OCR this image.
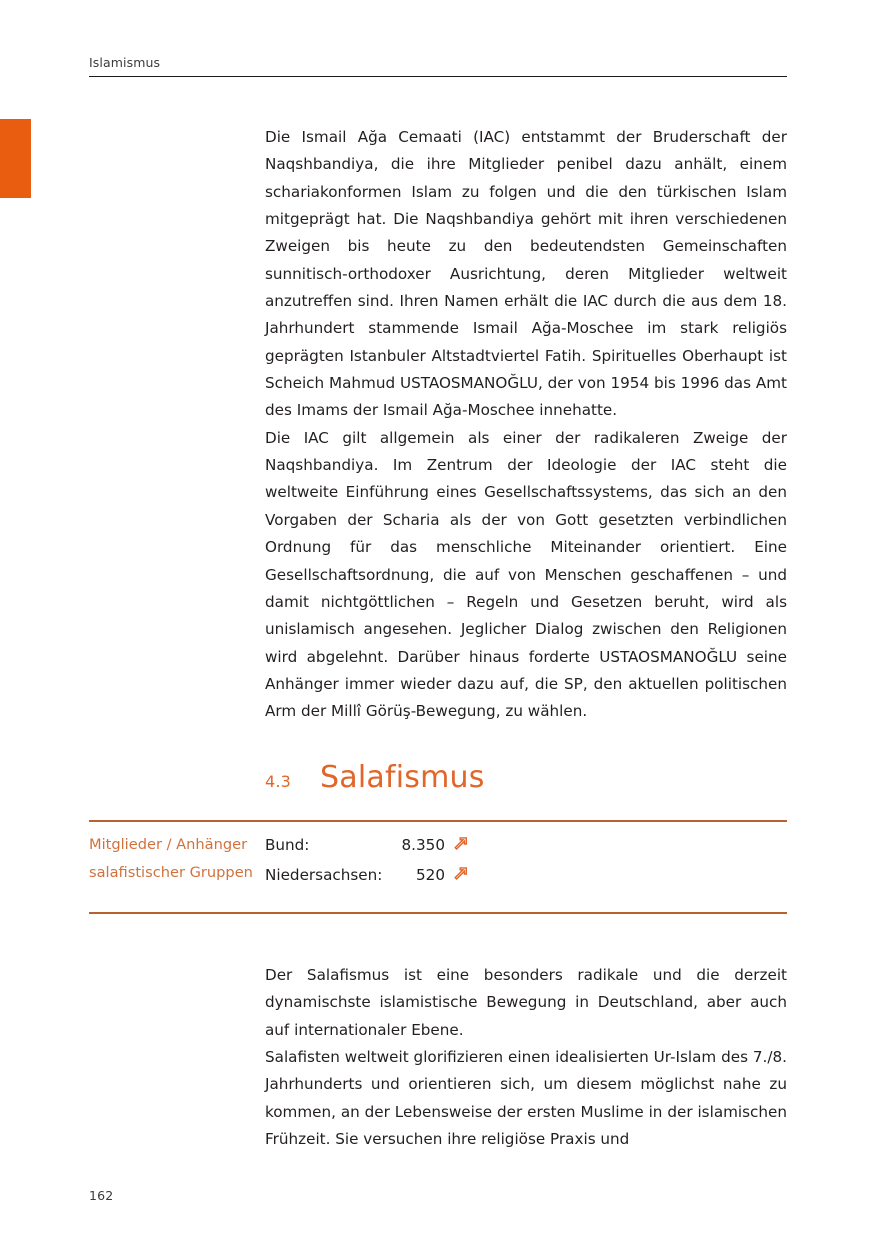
Islamismus

Die Ismail Ağa Cemaati (IAC) entstammt der Bruderschaft der Naqshbandiya, die ihre Mitglieder penibel dazu anhält, einem schariakonformen Islam zu folgen und die den türkischen Islam mitgeprägt hat. Die Naqshbandiya gehört mit ihren verschiedenen Zweigen bis heute zu den bedeutendsten Gemeinschaften sunnitisch-orthodoxer Ausrichtung, deren Mitglieder weltweit anzutreffen sind. Ihren Namen erhält die IAC durch die aus dem 18. Jahrhundert stammende Ismail Ağa-Moschee im stark religiös geprägten Istanbuler Altstadtviertel Fatih. Spirituelles Oberhaupt ist Scheich Mahmud USTAOSMANOĞLU, der von 1954 bis 1996 das Amt des Imams der Ismail Ağa-Moschee innehatte.

Die IAC gilt allgemein als einer der radikaleren Zweige der Naqshbandiya. Im Zentrum der Ideologie der IAC steht die weltweite Einführung eines Gesellschaftssystems, das sich an den Vorgaben der Scharia als der von Gott gesetzten verbindlichen Ordnung für das menschliche Miteinander orientiert. Eine Gesellschaftsordnung, die auf von Menschen geschaffenen – und damit nichtgöttlichen – Regeln und Gesetzen beruht, wird als unislamisch angesehen. Jeglicher Dialog zwischen den Religionen wird abgelehnt. Darüber hinaus forderte USTAOSMANOĞLU seine Anhänger immer wieder dazu auf, die SP, den aktuellen politischen Arm der Millî Görüş-Bewegung, zu wählen.

4.3 Salafismus
Mitglieder / Anhänger salafistischer Gruppen
Bund:	8.350
Niedersachsen:	520

Der Salafismus ist eine besonders radikale und die derzeit dynamischste islamistische Bewegung in Deutschland, aber auch auf internationaler Ebene.

Salafisten weltweit glorifizieren einen idealisierten Ur-Islam des 7./8. Jahrhunderts und orientieren sich, um diesem möglichst nahe zu kommen, an der Lebensweise der ersten Muslime in der islamischen Frühzeit. Sie versuchen ihre religiöse Praxis und

162
